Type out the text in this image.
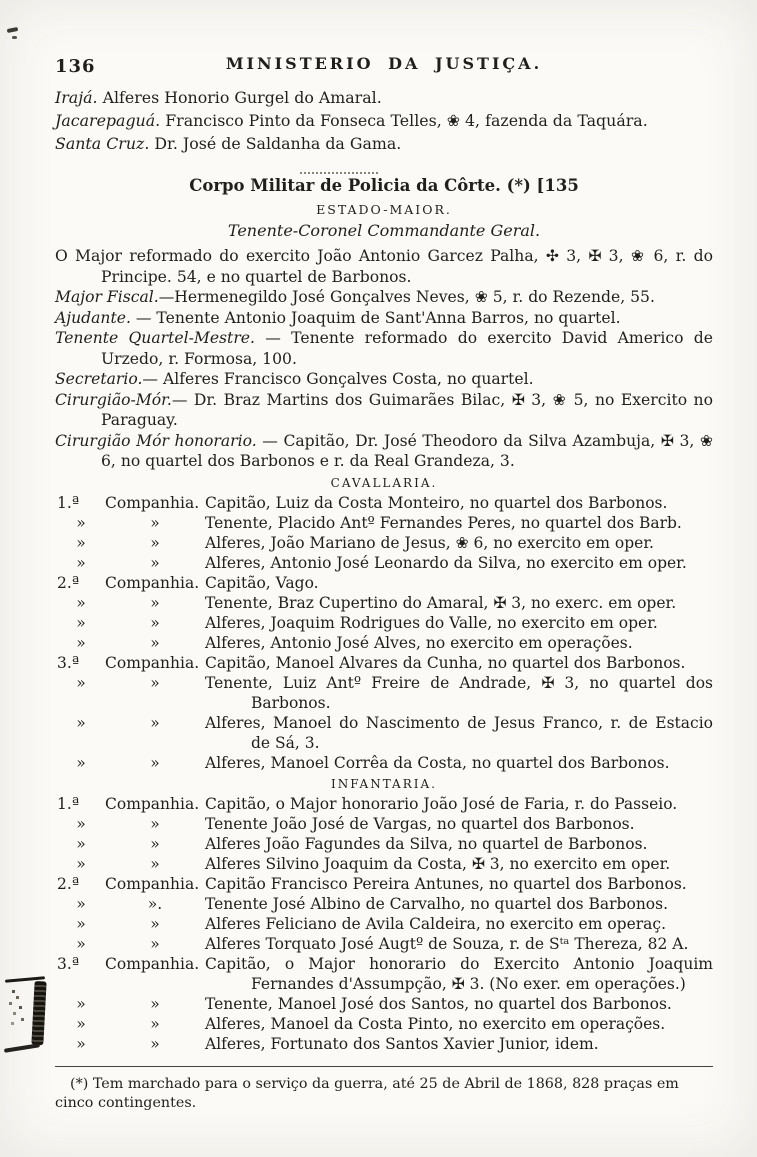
136	MINISTERIO DA JUSTIÇA.

Irajá. Alferes Honorio Gurgel do Amaral.

Jacarepaguá. Francisco Pinto da Fonseca Telles, ❀ 4, fazenda da Taquára.

Santa Cruz. Dr. José de Saldanha da Gama.

Corpo Militar de Policia da Côrte. (*) [135
ESTADO-MAIOR.
Tenente-Coronel Commandante Geral.

O Major reformado do exercito João Antonio Garcez Palha, ✣ 3, ✠ 3, ❀ 6, r. do Principe. 54, e no quartel de Barbonos.

Major Fiscal.—Hermenegildo José Gonçalves Neves, ❀ 5, r. do Rezende, 55.

Ajudante. — Tenente Antonio Joaquim de Sant'Anna Barros, no quartel.

Tenente Quartel-Mestre. — Tenente reformado do exercito David Americo de Urzedo, r. Formosa, 100.

Secretario.— Alferes Francisco Gonçalves Costa, no quartel.

Cirurgião-Mór.— Dr. Braz Martins dos Guimarães Bilac, ✠ 3, ❀ 5, no Exercito no Paraguay.

Cirurgião Mór honorario. — Capitão, Dr. José Theodoro da Silva Azambuja, ✠ 3, ❀ 6, no quartel dos Barbonos e r. da Real Grandeza, 3.

CAVALLARIA.
1.ª	Companhia. Capitão, Luiz da Costa Monteiro, no quartel dos Barbonos.
»	»	Tenente, Placido Antº Fernandes Peres, no quartel dos Barb.
»	»	Alferes, João Mariano de Jesus, ❀ 6, no exercito em oper.
»	»	Alferes, Antonio José Leonardo da Silva, no exercito em oper.
2.ª	Companhia. Capitão, Vago.
»	»	Tenente, Braz Cupertino do Amaral, ✠ 3, no exerc. em oper.
»	»	Alferes, Joaquim Rodrigues do Valle, no exercito em oper.
»	»	Alferes, Antonio José Alves, no exercito em operações.
3.ª	Companhia. Capitão, Manoel Alvares da Cunha, no quartel dos Barbonos.
»	»	Tenente, Luiz Antº Freire de Andrade, ✠ 3, no quartel dos Barbonos.
»	»	Alferes, Manoel do Nascimento de Jesus Franco, r. de Estacio de Sá, 3.
»	»	Alferes, Manoel Corrêa da Costa, no quartel dos Barbonos.
INFANTARIA.
1.ª	Companhia. Capitão, o Major honorario João José de Faria, r. do Passeio.
»	»	Tenente João José de Vargas, no quartel dos Barbonos.
»	»	Alferes João Fagundes da Silva, no quartel de Barbonos.
»	»	Alferes Silvino Joaquim da Costa, ✠ 3, no exercito em oper.
2.ª	Companhia. Capitão Francisco Pereira Antunes, no quartel dos Barbonos.
»	».	Tenente José Albino de Carvalho, no quartel dos Barbonos.
»	»	Alferes Feliciano de Avila Caldeira, no exercito em operaç.
»	»	Alferes Torquato José Augtº de Souza, r. de Sᵗᵃ Thereza, 82 A.
3.ª	Companhia. Capitão, o Major honorario do Exercito Antonio Joaquim Fernandes d'Assumpção, ✠ 3. (No exer. em operações.)
»	»	Tenente, Manoel José dos Santos, no quartel dos Barbonos.
»	»	Alferes, Manoel da Costa Pinto, no exercito em operações.
»	»	Alferes, Fortunato dos Santos Xavier Junior, idem.

(*) Tem marchado para o serviço da guerra, até 25 de Abril de 1868, 828 praças em cinco contingentes.
